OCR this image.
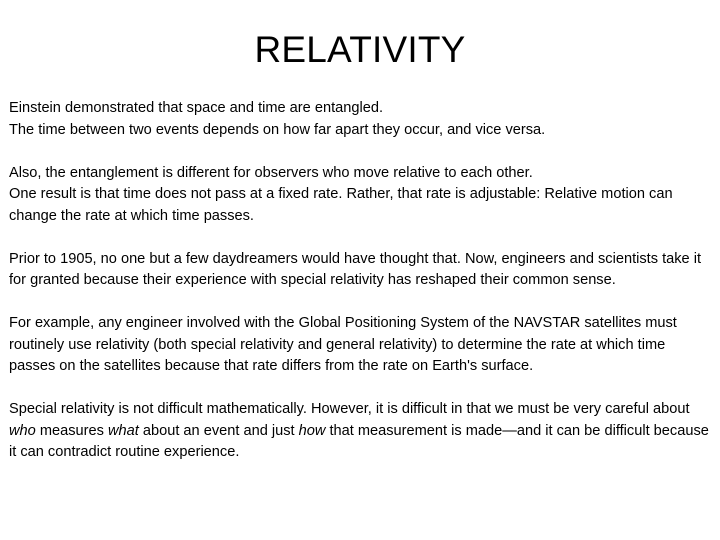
RELATIVITY

Einstein demonstrated that space and time are entangled.
The time between two events depends on how far apart they occur, and vice versa.

Also, the entanglement is different for observers who move relative to each other.
One result is that time does not pass at a fixed rate. Rather, that rate is adjustable: Relative motion can change the rate at which time passes.

Prior to 1905, no one but a few daydreamers would have thought that. Now, engineers and scientists take it for granted because their experience with special relativity has reshaped their common sense.

For example, any engineer involved with the Global Positioning System of the NAVSTAR satellites must routinely use relativity (both special relativity and general relativity) to determine the rate at which time passes on the satellites because that rate differs from the rate on Earth's surface.

Special relativity is not difficult mathematically. However, it is difficult in that we must be very careful about who measures what about an event and just how that measurement is made—and it can be difficult because it can contradict routine experience.
